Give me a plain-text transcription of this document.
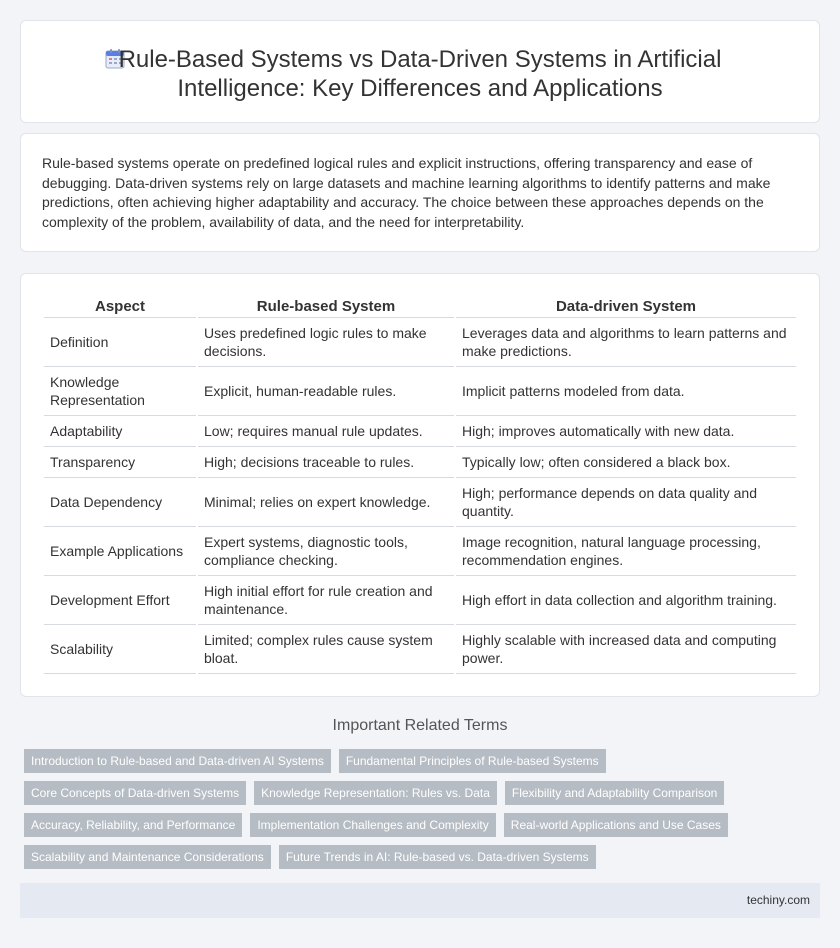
Rule-Based Systems vs Data-Driven Systems in Artificial Intelligence: Key Differences and Applications

Rule-based systems operate on predefined logical rules and explicit instructions, offering transparency and ease of debugging. Data-driven systems rely on large datasets and machine learning algorithms to identify patterns and make predictions, often achieving higher adaptability and accuracy. The choice between these approaches depends on the complexity of the problem, availability of data, and the need for interpretability.

Aspect	Rule-based System	Data-driven System
Definition	Uses predefined logic rules to make decisions.	Leverages data and algorithms to learn patterns and make predictions.
Knowledge Representation	Explicit, human-readable rules.	Implicit patterns modeled from data.
Adaptability	Low; requires manual rule updates.	High; improves automatically with new data.
Transparency	High; decisions traceable to rules.	Typically low; often considered a black box.
Data Dependency	Minimal; relies on expert knowledge.	High; performance depends on data quality and quantity.
Example Applications	Expert systems, diagnostic tools, compliance checking.	Image recognition, natural language processing, recommendation engines.
Development Effort	High initial effort for rule creation and maintenance.	High effort in data collection and algorithm training.
Scalability	Limited; complex rules cause system bloat.	Highly scalable with increased data and computing power.
Important Related Terms
Introduction to Rule-based and Data-driven AI Systems	Fundamental Principles of Rule-based Systems
Core Concepts of Data-driven Systems	Knowledge Representation: Rules vs. Data	Flexibility and Adaptability Comparison
Accuracy, Reliability, and Performance	Implementation Challenges and Complexity	Real-world Applications and Use Cases
Scalability and Maintenance Considerations	Future Trends in AI: Rule-based vs. Data-driven Systems
techiny.com
